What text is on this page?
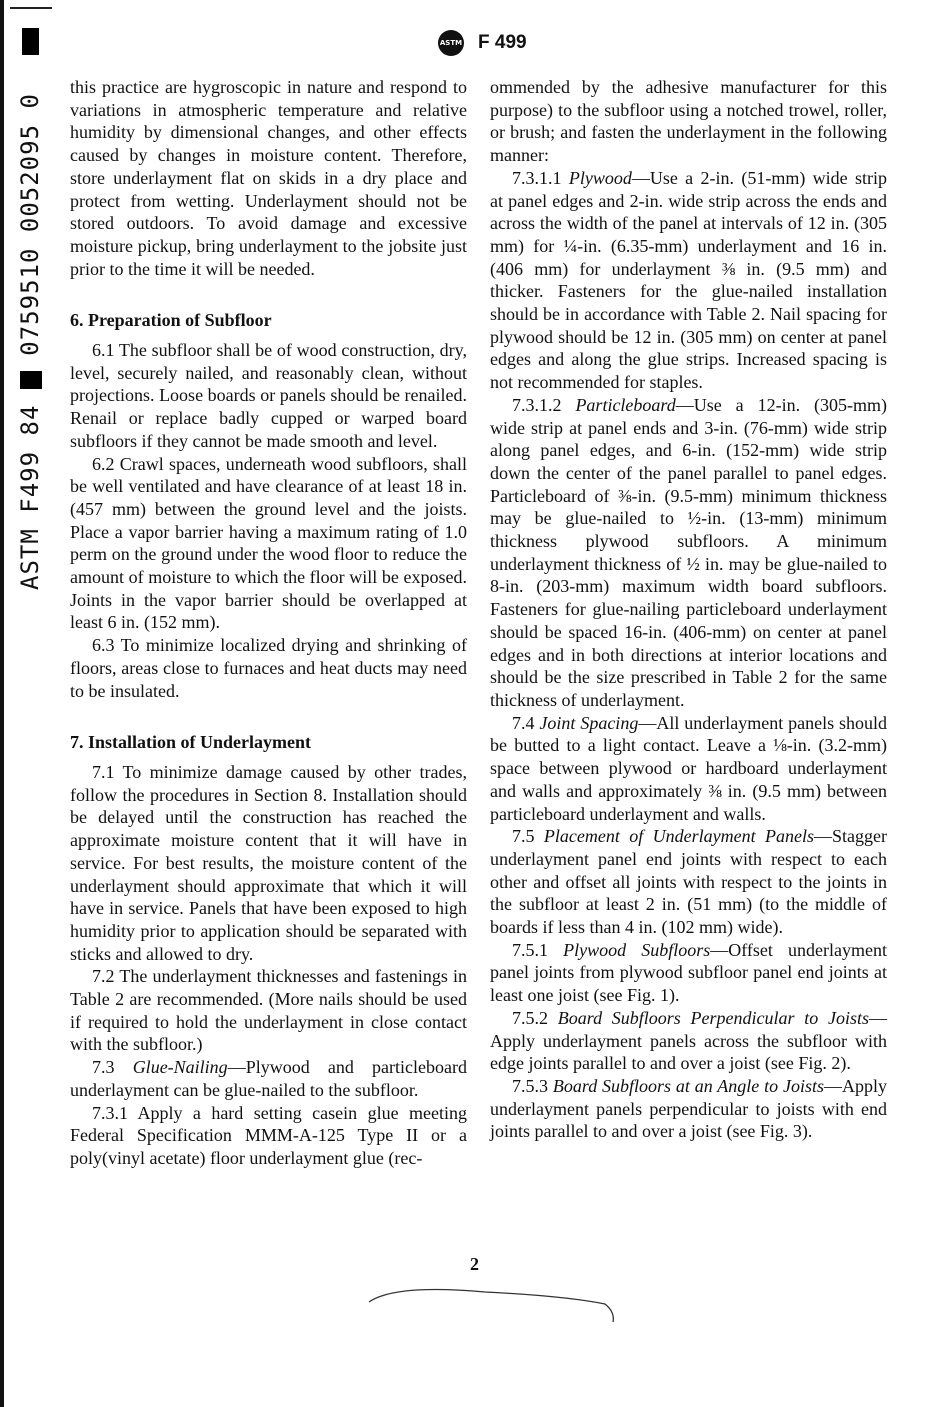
ASTM F499 84  0759510 0052095 0
ASTM F 499

this practice are hygroscopic in nature and respond to variations in atmospheric temperature and relative humidity by dimensional changes, and other effects caused by changes in moisture content. Therefore, store underlayment flat on skids in a dry place and protect from wetting. Underlayment should not be stored outdoors. To avoid damage and excessive moisture pickup, bring underlayment to the jobsite just prior to the time it will be needed.

6. Preparation of Subfloor

6.1 The subfloor shall be of wood construction, dry, level, securely nailed, and reasonably clean, without projections. Loose boards or panels should be renailed. Renail or replace badly cupped or warped board subfloors if they cannot be made smooth and level.

6.2 Crawl spaces, underneath wood subfloors, shall be well ventilated and have clearance of at least 18 in. (457 mm) between the ground level and the joists. Place a vapor barrier having a maximum rating of 1.0 perm on the ground under the wood floor to reduce the amount of moisture to which the floor will be exposed. Joints in the vapor barrier should be overlapped at least 6 in. (152 mm).

6.3 To minimize localized drying and shrinking of floors, areas close to furnaces and heat ducts may need to be insulated.

7. Installation of Underlayment

7.1 To minimize damage caused by other trades, follow the procedures in Section 8. Installation should be delayed until the construction has reached the approximate moisture content that it will have in service. For best results, the moisture content of the underlayment should approximate that which it will have in service. Panels that have been exposed to high humidity prior to application should be separated with sticks and allowed to dry.

7.2 The underlayment thicknesses and fastenings in Table 2 are recommended. (More nails should be used if required to hold the underlayment in close contact with the subfloor.)

7.3 Glue-Nailing—Plywood and particleboard underlayment can be glue-nailed to the subfloor.

7.3.1 Apply a hard setting casein glue meeting Federal Specification MMM-A-125 Type II or a poly(vinyl acetate) floor underlayment glue (rec-

ommended by the adhesive manufacturer for this purpose) to the subfloor using a notched trowel, roller, or brush; and fasten the underlayment in the following manner:

7.3.1.1 Plywood—Use a 2-in. (51-mm) wide strip at panel edges and 2-in. wide strip across the ends and across the width of the panel at intervals of 12 in. (305 mm) for ¼-in. (6.35-mm) underlayment and 16 in. (406 mm) for underlayment ⅜ in. (9.5 mm) and thicker. Fasteners for the glue-nailed installation should be in accordance with Table 2. Nail spacing for plywood should be 12 in. (305 mm) on center at panel edges and along the glue strips. Increased spacing is not recommended for staples.

7.3.1.2 Particleboard—Use a 12-in. (305-mm) wide strip at panel ends and 3-in. (76-mm) wide strip along panel edges, and 6-in. (152-mm) wide strip down the center of the panel parallel to panel edges. Particleboard of ⅜-in. (9.5-mm) minimum thickness may be glue-nailed to ½-in. (13-mm) minimum thickness plywood subfloors. A minimum underlayment thickness of ½ in. may be glue-nailed to 8-in. (203-mm) maximum width board subfloors. Fasteners for glue-nailing particleboard underlayment should be spaced 16-in. (406-mm) on center at panel edges and in both directions at interior locations and should be the size prescribed in Table 2 for the same thickness of underlayment.

7.4 Joint Spacing—All underlayment panels should be butted to a light contact. Leave a ⅛-in. (3.2-mm) space between plywood or hardboard underlayment and walls and approximately ⅜ in. (9.5 mm) between particleboard underlayment and walls.

7.5 Placement of Underlayment Panels—Stagger underlayment panel end joints with respect to each other and offset all joints with respect to the joints in the subfloor at least 2 in. (51 mm) (to the middle of boards if less than 4 in. (102 mm) wide).

7.5.1 Plywood Subfloors—Offset underlayment panel joints from plywood subfloor panel end joints at least one joist (see Fig. 1).

7.5.2 Board Subfloors Perpendicular to Joists—Apply underlayment panels across the subfloor with edge joints parallel to and over a joist (see Fig. 2).

7.5.3 Board Subfloors at an Angle to Joists—Apply underlayment panels perpendicular to joists with end joints parallel to and over a joist (see Fig. 3).

2
